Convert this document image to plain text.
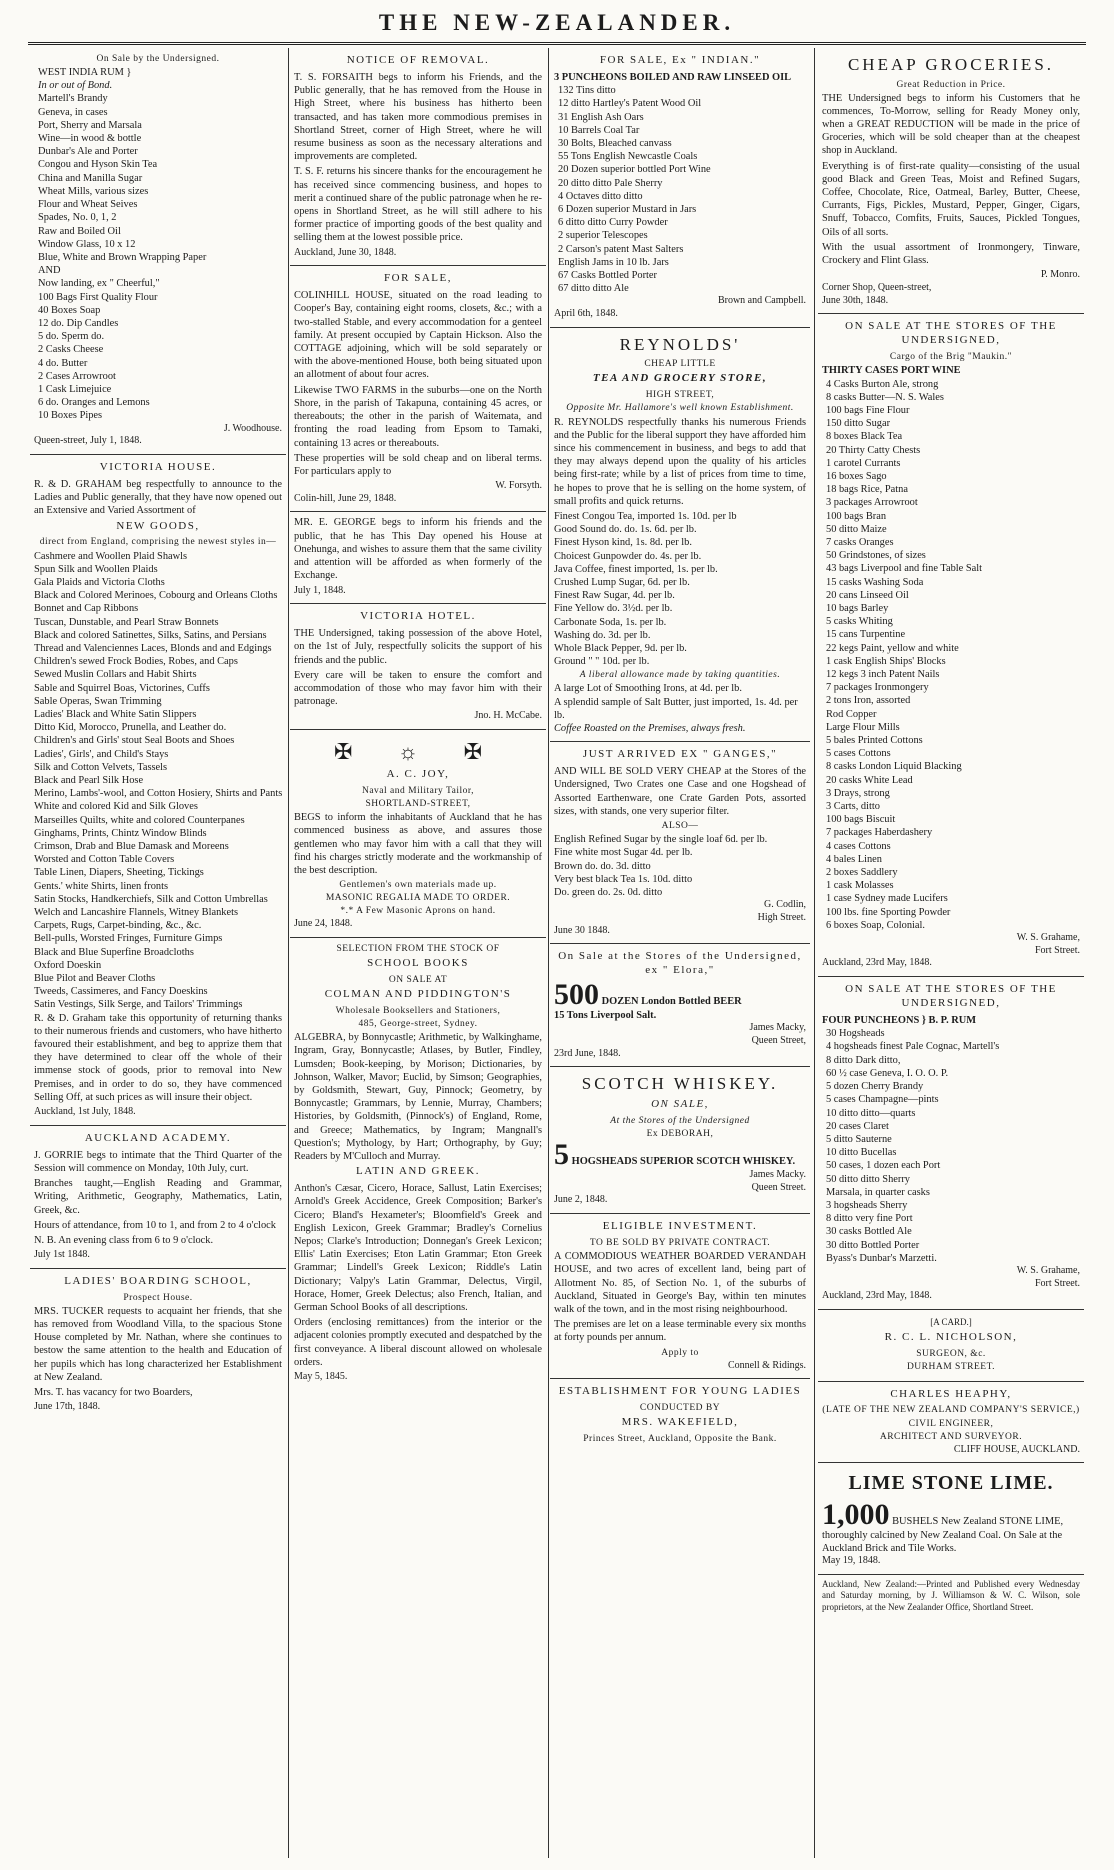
THE NEW-ZEALANDER.
On Sale by the Undersigned.
WEST INDIA RUM }
In or out of Bond.
Martell's Brandy
Geneva, in cases
Port, Sherry and Marsala
Wine—in wood & bottle
Dunbar's Ale and Porter
Congou and Hyson Skin Tea
China and Manilla Sugar
Wheat Mills, various sizes
Flour and Wheat Seives
Spades, No. 0, 1, 2
Raw and Boiled Oil
Window Glass, 10 x 12
Blue, White and Brown Wrapping Paper
AND
Now landing, ex " Cheerful,"
100 Bags First Quality Flour
40 Boxes Soap
12 do. Dip Candles
5 do. Sperm do.
2 Casks Cheese
4 do. Butter
2 Cases Arrowroot
1 Cask Limejuice
6 do. Oranges and Lemons
10 Boxes Pipes
J. Woodhouse.
Queen-street, July 1, 1848.
VICTORIA HOUSE.

R. & D. GRAHAM beg respectfully to announce to the Ladies and Public generally, that they have now opened out an Extensive and Varied Assortment of

NEW GOODS,
direct from England, comprising the newest styles in—
Cashmere and Woollen Plaid Shawls
Spun Silk and Woollen Plaids
Gala Plaids and Victoria Cloths
Black and Colored Merinoes, Cobourg and Orleans Cloths
Bonnet and Cap Ribbons
Tuscan, Dunstable, and Pearl Straw Bonnets
Black and colored Satinettes, Silks, Satins, and Persians
Thread and Valenciennes Laces, Blonds and and Edgings
Children's sewed Frock Bodies, Robes, and Caps
Sewed Muslin Collars and Habit Shirts
Sable and Squirrel Boas, Victorines, Cuffs
Sable Operas, Swan Trimming
Ladies' Black and White Satin Slippers
Ditto Kid, Morocco, Prunella, and Leather do.
Children's and Girls' stout Seal Boots and Shoes
Ladies', Girls', and Child's Stays
Silk and Cotton Velvets, Tassels
Black and Pearl Silk Hose
Merino, Lambs'-wool, and Cotton Hosiery, Shirts and Pants
White and colored Kid and Silk Gloves
Marseilles Quilts, white and colored Counterpanes
Ginghams, Prints, Chintz Window Blinds
Crimson, Drab and Blue Damask and Moreens
Worsted and Cotton Table Covers
Table Linen, Diapers, Sheeting, Tickings
Gents.' white Shirts, linen fronts
Satin Stocks, Handkerchiefs, Silk and Cotton Umbrellas
Welch and Lancashire Flannels, Witney Blankets
Carpets, Rugs, Carpet-binding, &c., &c.
Bell-pulls, Worsted Fringes, Furniture Gimps
Black and Blue Superfine Broadcloths
Oxford Doeskin
Blue Pilot and Beaver Cloths
Tweeds, Cassimeres, and Fancy Doeskins
Satin Vestings, Silk Serge, and Tailors' Trimmings

R. & D. Graham take this opportunity of returning thanks to their numerous friends and customers, who have hitherto favoured their establishment, and beg to apprize them that they have determined to clear off the whole of their immense stock of goods, prior to removal into New Premises, and in order to do so, they have commenced Selling Off, at such prices as will insure their object.

Auckland, 1st July, 1848.
AUCKLAND ACADEMY.

J. GORRIE begs to intimate that the Third Quarter of the Session will commence on Monday, 10th July, curt.

Branches taught,—English Reading and Grammar, Writing, Arithmetic, Geography, Mathematics, Latin, Greek, &c.

Hours of attendance, from 10 to 1, and from 2 to 4 o'clock

N. B. An evening class from 6 to 9 o'clock.

July 1st 1848.
LADIES' BOARDING SCHOOL,
Prospect House.

MRS. TUCKER requests to acquaint her friends, that she has removed from Woodland Villa, to the spacious Stone House completed by Mr. Nathan, where she continues to bestow the same attention to the health and Education of her pupils which has long characterized her Establishment at New Zealand.

Mrs. T. has vacancy for two Boarders,

June 17th, 1848.
NOTICE OF REMOVAL.

T. S. FORSAITH begs to inform his Friends, and the Public generally, that he has removed from the House in High Street, where his business has hitherto been transacted, and has taken more commodious premises in Shortland Street, corner of High Street, where he will resume business as soon as the necessary alterations and improvements are completed.

T. S. F. returns his sincere thanks for the encouragement he has received since commencing business, and hopes to merit a continued share of the public patronage when he re-opens in Shortland Street, as he will still adhere to his former practice of importing goods of the best quality and selling them at the lowest possible price.

Auckland, June 30, 1848.
FOR SALE,

COLINHILL HOUSE, situated on the road leading to Cooper's Bay, containing eight rooms, closets, &c.; with a two-stalled Stable, and every accommodation for a genteel family. At present occupied by Captain Hickson. Also the COTTAGE adjoining, which will be sold separately or with the above-mentioned House, both being situated upon an allotment of about four acres.

Likewise TWO FARMS in the suburbs—one on the North Shore, in the parish of Takapuna, containing 45 acres, or thereabouts; the other in the parish of Waitemata, and fronting the road leading from Epsom to Tamaki, containing 13 acres or thereabouts.

These properties will be sold cheap and on liberal terms. For particulars apply to

W. Forsyth.
Colin-hill, June 29, 1848.

MR. E. GEORGE begs to inform his friends and the public, that he has This Day opened his House at Onehunga, and wishes to assure them that the same civility and attention will be afforded as when formerly of the Exchange.

July 1, 1848.
VICTORIA HOTEL.

THE Undersigned, taking possession of the above Hotel, on the 1st of July, respectfully solicits the support of his friends and the public.

Every care will be taken to ensure the comfort and accommodation of those who may favor him with their patronage.

Jno. H. McCabe.
✠ ☼ ✠
A. C. JOY,
Naval and Military Tailor,
SHORTLAND-STREET,

BEGS to inform the inhabitants of Auckland that he has commenced business as above, and assures those gentlemen who may favor him with a call that they will find his charges strictly moderate and the workmanship of the best description.

Gentlemen's own materials made up.
MASONIC REGALIA MADE TO ORDER.
*.* A Few Masonic Aprons on hand.
June 24, 1848.
SELECTION FROM THE STOCK OF
SCHOOL BOOKS
ON SALE AT
COLMAN AND PIDDINGTON'S
Wholesale Booksellers and Stationers,
485, George-street, Sydney.

ALGEBRA, by Bonnycastle; Arithmetic, by Walkinghame, Ingram, Gray, Bonnycastle; Atlases, by Butler, Findley, Lumsden; Book-keeping, by Morison; Dictionaries, by Johnson, Walker, Mavor; Euclid, by Simson; Geographies, by Goldsmith, Stewart, Guy, Pinnock; Geometry, by Bonnycastle; Grammars, by Lennie, Murray, Chambers; Histories, by Goldsmith, (Pinnock's) of England, Rome, and Greece; Mathematics, by Ingram; Mangnall's Question's; Mythology, by Hart; Orthography, by Guy; Readers by M'Culloch and Murray.

LATIN AND GREEK.

Anthon's Cæsar, Cicero, Horace, Sallust, Latin Exercises; Arnold's Greek Accidence, Greek Composition; Barker's Cicero; Bland's Hexameter's; Bloomfield's Greek and English Lexicon, Greek Grammar; Bradley's Cornelius Nepos; Clarke's Introduction; Donnegan's Greek Lexicon; Ellis' Latin Exercises; Eton Latin Grammar; Eton Greek Grammar; Lindell's Greek Lexicon; Riddle's Latin Dictionary; Valpy's Latin Grammar, Delectus, Virgil, Horace, Homer, Greek Delectus; also French, Italian, and German School Books of all descriptions.

Orders (enclosing remittances) from the interior or the adjacent colonies promptly executed and despatched by the first conveyance. A liberal discount allowed on wholesale orders.

May 5, 1845.
FOR SALE, Ex " INDIAN."
3 PUNCHEONS BOILED AND RAW LINSEED OIL
132 Tins ditto
12 ditto Hartley's Patent Wood Oil
31 English Ash Oars
10 Barrels Coal Tar
30 Bolts, Bleached canvass
55 Tons English Newcastle Coals
20 Dozen superior bottled Port Wine
20 ditto ditto Pale Sherry
4 Octaves ditto ditto
6 Dozen superior Mustard in Jars
6 ditto ditto Curry Powder
2 superior Telescopes
2 Carson's patent Mast Salters
English Jams in 10 lb. Jars
67 Casks Bottled Porter
67 ditto ditto Ale
Brown and Campbell.
April 6th, 1848.
REYNOLDS'
CHEAP LITTLE
TEA AND GROCERY STORE,
HIGH STREET,
Opposite Mr. Hallamore's well known Establishment.

R. REYNOLDS respectfully thanks his numerous Friends and the Public for the liberal support they have afforded him since his commencement in business, and begs to add that they may always depend upon the quality of his articles being first-rate; while by a list of prices from time to time, he hopes to prove that he is selling on the home system, of small profits and quick returns.

Finest Congou Tea, imported 1s. 10d. per lb
Good Sound do. do. 1s. 6d. per lb.
Finest Hyson kind, 1s. 8d. per lb.
Choicest Gunpowder do. 4s. per lb.
Java Coffee, finest imported, 1s. per lb.
Crushed Lump Sugar, 6d. per lb.
Finest Raw Sugar, 4d. per lb.
Fine Yellow do. 3½d. per lb.
Carbonate Soda, 1s. per lb.
Washing do. 3d. per lb.
Whole Black Pepper, 9d. per lb.
Ground " " 10d. per lb.
A liberal allowance made by taking quantities.
A large Lot of Smoothing Irons, at 4d. per lb.
A splendid sample of Salt Butter, just imported, 1s. 4d. per lb.
Coffee Roasted on the Premises, always fresh.
JUST ARRIVED EX " GANGES,"

AND WILL BE SOLD VERY CHEAP at the Stores of the Undersigned, Two Crates one Case and one Hogshead of Assorted Earthenware, one Crate Garden Pots, assorted sizes, with stands, one very superior filter.

ALSO—
English Refined Sugar by the single loaf 6d. per lb.
Fine white most Sugar 4d. per lb.
Brown do. do. 3d. ditto
Very best black Tea 1s. 10d. ditto
Do. green do. 2s. 0d. ditto
G. Codlin,
High Street.
June 30 1848.
On Sale at the Stores of the Undersigned, ex " Elora,"
500 DOZEN London Bottled BEER
15 Tons Liverpool Salt.
James Macky,
Queen Street,
23rd June, 1848.
SCOTCH WHISKEY.
ON SALE,
At the Stores of the Undersigned
Ex DEBORAH,
5 HOGSHEADS SUPERIOR SCOTCH WHISKEY.
James Macky.
Queen Street.
June 2, 1848.
ELIGIBLE INVESTMENT.
TO BE SOLD BY PRIVATE CONTRACT.

A COMMODIOUS WEATHER BOARDED VERANDAH HOUSE, and two acres of excellent land, being part of Allotment No. 85, of Section No. 1, of the suburbs of Auckland, Situated in George's Bay, within ten minutes walk of the town, and in the most rising neighbourhood.

The premises are let on a lease terminable every six months at forty pounds per annum.

Apply to
Connell & Ridings.
ESTABLISHMENT FOR YOUNG LADIES
CONDUCTED BY
MRS. WAKEFIELD,
Princes Street, Auckland, Opposite the Bank.
CHEAP GROCERIES.
Great Reduction in Price.

THE Undersigned begs to inform his Customers that he commences, To-Morrow, selling for Ready Money only, when a GREAT REDUCTION will be made in the price of Groceries, which will be sold cheaper than at the cheapest shop in Auckland.

Everything is of first-rate quality—consisting of the usual good Black and Green Teas, Moist and Refined Sugars, Coffee, Chocolate, Rice, Oatmeal, Barley, Butter, Cheese, Currants, Figs, Pickles, Mustard, Pepper, Ginger, Cigars, Snuff, Tobacco, Comfits, Fruits, Sauces, Pickled Tongues, Oils of all sorts.

With the usual assortment of Ironmongery, Tinware, Crockery and Flint Glass.

P. Monro.
Corner Shop, Queen-street,
June 30th, 1848.
ON SALE AT THE STORES OF THE UNDERSIGNED,
Cargo of the Brig "Maukin."
THIRTY CASES PORT WINE
4 Casks Burton Ale, strong
8 casks Butter—N. S. Wales
100 bags Fine Flour
150 ditto Sugar
8 boxes Black Tea
20 Thirty Catty Chests
1 carotel Currants
16 boxes Sago
18 bags Rice, Patna
3 packages Arrowroot
100 bags Bran
50 ditto Maize
7 casks Oranges
50 Grindstones, of sizes
43 bags Liverpool and fine Table Salt
15 casks Washing Soda
20 cans Linseed Oil
10 bags Barley
5 casks Whiting
15 cans Turpentine
22 kegs Paint, yellow and white
1 cask English Ships' Blocks
12 kegs 3 inch Patent Nails
7 packages Ironmongery
2 tons Iron, assorted
Rod Copper
Large Flour Mills
5 bales Printed Cottons
5 cases Cottons
8 casks London Liquid Blacking
20 casks White Lead
3 Drays, strong
3 Carts, ditto
100 bags Biscuit
7 packages Haberdashery
4 cases Cottons
4 bales Linen
2 boxes Saddlery
1 cask Molasses
1 case Sydney made Lucifers
100 lbs. fine Sporting Powder
6 boxes Soap, Colonial.
W. S. Grahame,
Fort Street.
Auckland, 23rd May, 1848.
ON SALE AT THE STORES OF THE UNDERSIGNED,
FOUR PUNCHEONS } B. P. RUM
30 Hogsheads
4 hogsheads finest Pale Cognac, Martell's
8 ditto Dark ditto,
60 ½ case Geneva, I. O. O. P.
5 dozen Cherry Brandy
5 cases Champagne—pints
10 ditto ditto—quarts
20 cases Claret
5 ditto Sauterne
10 ditto Bucellas
50 cases, 1 dozen each Port
50 ditto ditto Sherry
Marsala, in quarter casks
3 hogsheads Sherry
8 ditto very fine Port
30 casks Bottled Ale
30 ditto Bottled Porter
Byass's Dunbar's Marzetti.
W. S. Grahame,
Fort Street.
Auckland, 23rd May, 1848.
[A CARD.]
R. C. L. NICHOLSON,
SURGEON, &c.
DURHAM STREET.
CHARLES HEAPHY,
(LATE OF THE NEW ZEALAND COMPANY'S SERVICE,)
CIVIL ENGINEER,
ARCHITECT AND SURVEYOR.
CLIFF HOUSE, AUCKLAND.
LIME STONE LIME.
1,000 BUSHELS New Zealand STONE LIME, thoroughly calcined by New Zealand Coal. On Sale at the Auckland Brick and Tile Works.
May 19, 1848.

Auckland, New Zealand:—Printed and Published every Wednesday and Saturday morning, by J. Williamson & W. C. Wilson, sole proprietors, at the New Zealander Office, Shortland Street.
